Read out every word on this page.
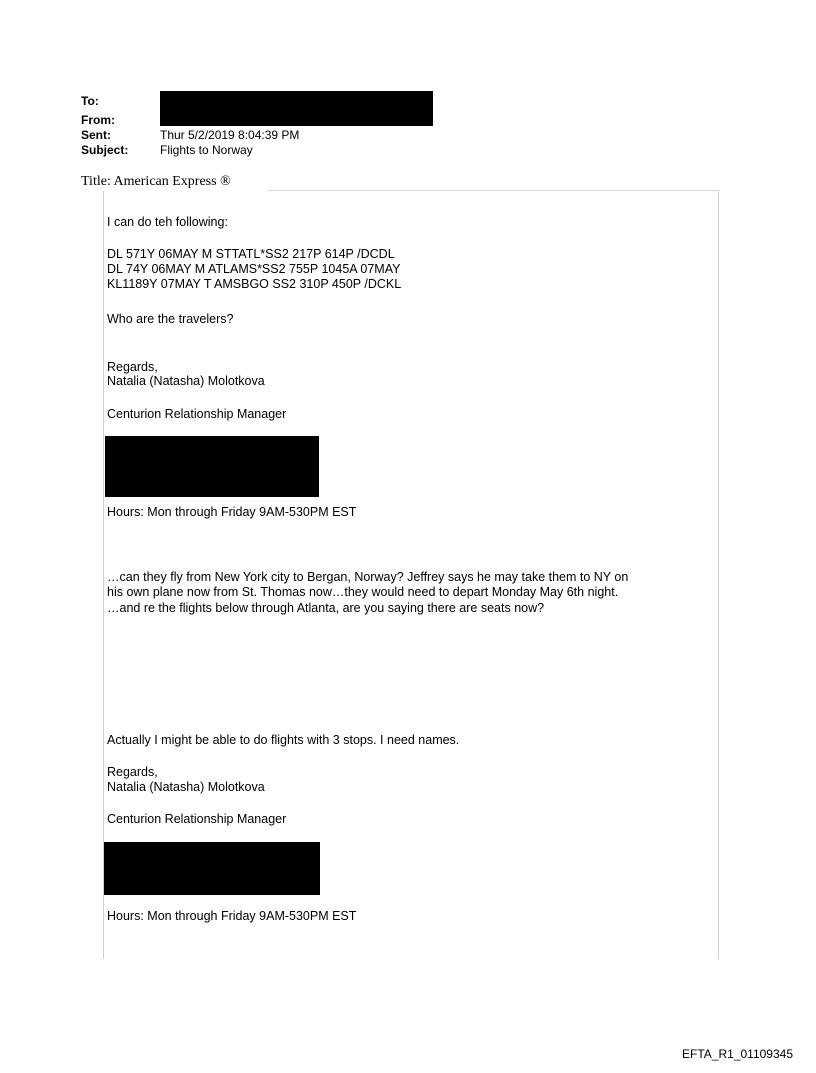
To:
From:
Sent:	Thur 5/2/2019 8:04:39 PM
Subject:	Flights to Norway
Title: American Express ®
I can do teh following:
DL 571Y 06MAY M STTATL*SS2 217P 614P /DCDL
DL 74Y 06MAY M ATLAMS*SS2 755P 1045A 07MAY
KL1189Y 07MAY T AMSBGO SS2 310P 450P /DCKL
Who are the travelers?
Regards,
Natalia (Natasha) Molotkova
Centurion Relationship Manager
Hours: Mon through Friday 9AM-530PM EST
…can they fly from New York city to Bergan, Norway? Jeffrey says he may take them to NY on
his own plane now from St. Thomas now…they would need to depart Monday May 6th night.
…and re the flights below through Atlanta, are you saying there are seats now?
Actually I might be able to do flights with 3 stops. I need names.
Regards,
Natalia (Natasha) Molotkova
Centurion Relationship Manager
Hours: Mon through Friday 9AM-530PM EST
EFTA_R1_01109345
